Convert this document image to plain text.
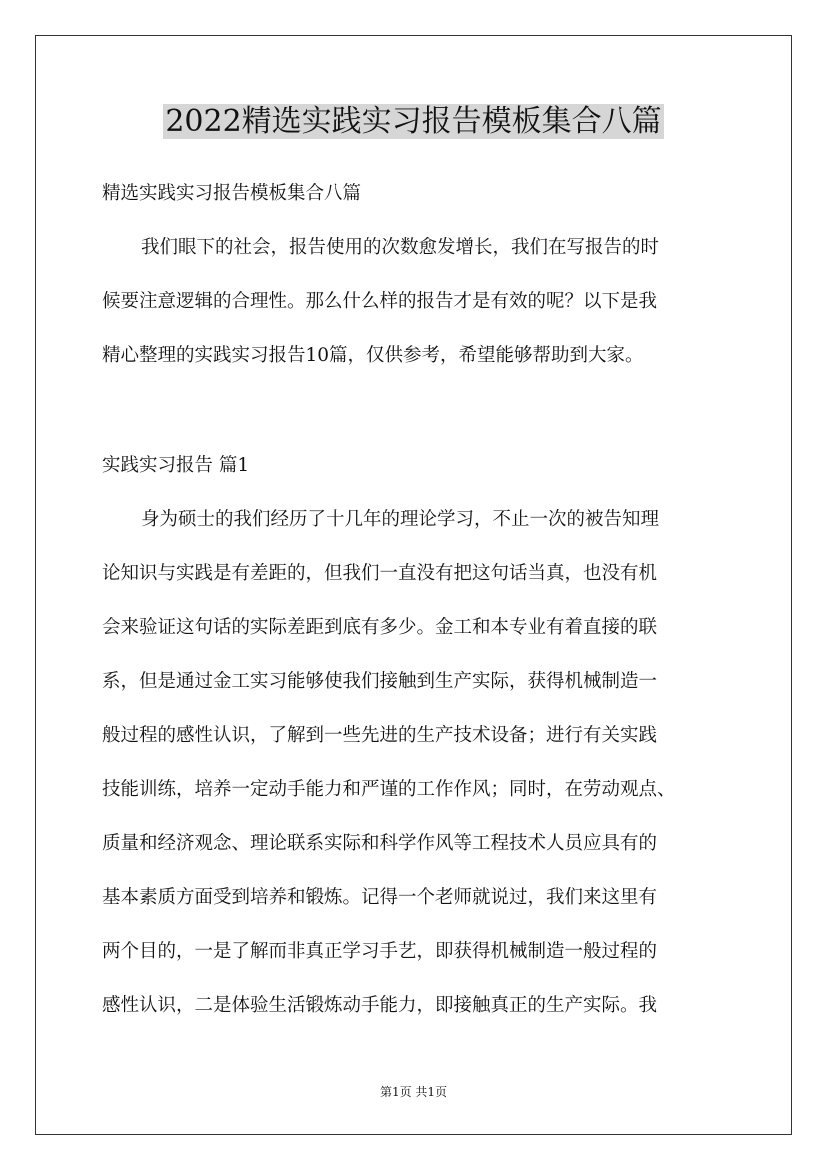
2022精选实践实习报告模板集合八篇
精选实践实习报告模板集合八篇
我们眼下的社会，报告使用的次数愈发增长，我们在写报告的时
候要注意逻辑的合理性。那么什么样的报告才是有效的呢？以下是我
精心整理的实践实习报告10篇，仅供参考，希望能够帮助到大家。
实践实习报告 篇1
身为硕士的我们经历了十几年的理论学习，不止一次的被告知理
论知识与实践是有差距的，但我们一直没有把这句话当真，也没有机
会来验证这句话的实际差距到底有多少。金工和本专业有着直接的联
系，但是通过金工实习能够使我们接触到生产实际，获得机械制造一
般过程的感性认识，了解到一些先进的生产技术设备；进行有关实践
技能训练，培养一定动手能力和严谨的工作作风；同时，在劳动观点、
质量和经济观念、理论联系实际和科学作风等工程技术人员应具有的
基本素质方面受到培养和锻炼。记得一个老师就说过，我们来这里有
两个目的，一是了解而非真正学习手艺，即获得机械制造一般过程的
感性认识，二是体验生活锻炼动手能力，即接触真正的生产实际。我
第1页 共1页
